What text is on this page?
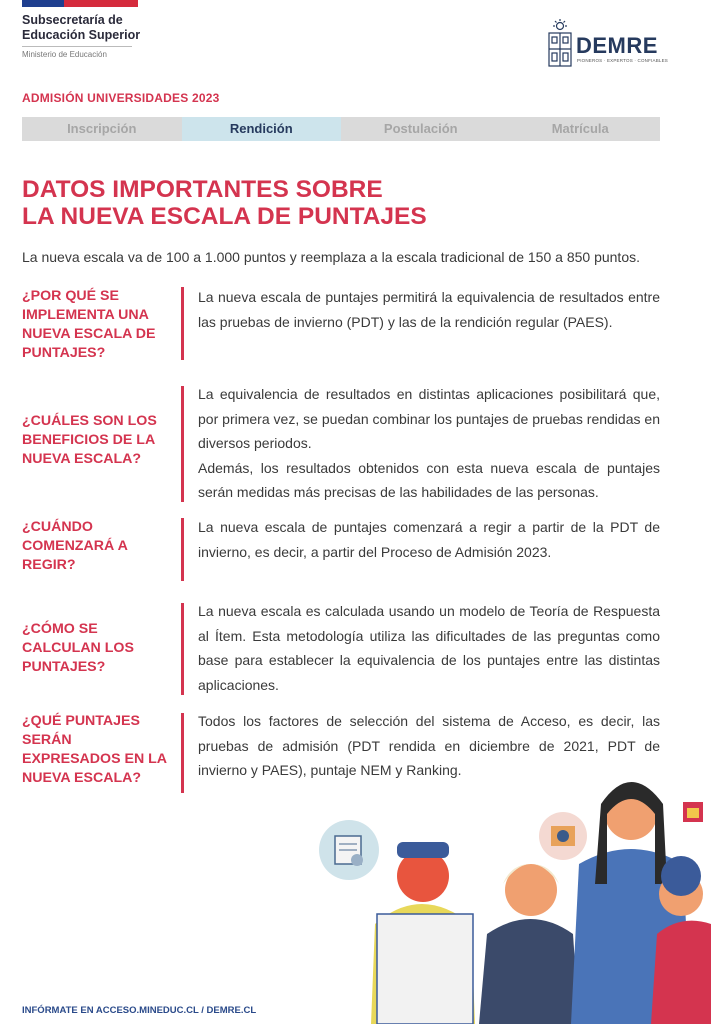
Subsecretaría de
Educación Superior
Ministerio de Educación	DEMRE
PIONEROS · EXPERTOS · CONFIABLES
ADMISIÓN UNIVERSIDADES 2023
Inscripción	Rendición	Postulación	Matrícula
DATOS IMPORTANTES SOBRE
LA NUEVA ESCALA DE PUNTAJES
La nueva escala va de 100 a 1.000 puntos y reemplaza a la escala tradicional de 150 a 850 puntos.
¿POR QUÉ SE IMPLEMENTA UNA NUEVA ESCALA DE PUNTAJES?
La nueva escala de puntajes permitirá la equivalencia de resultados entre las pruebas de invierno (PDT) y las de la rendición regular (PAES).
¿CUÁLES SON LOS BENEFICIOS DE LA NUEVA ESCALA?
La equivalencia de resultados en distintas aplicaciones posibilitará que, por primera vez, se puedan combinar los puntajes de pruebas rendidas en diversos periodos.
Además, los resultados obtenidos con esta nueva escala de puntajes serán medidas más precisas de las habilidades de las personas.
¿CUÁNDO COMENZARÁ A REGIR?
La nueva escala de puntajes comenzará a regir a partir de la PDT de invierno, es decir, a partir del Proceso de Admisión 2023.
¿CÓMO SE CALCULAN LOS PUNTAJES?
La nueva escala es calculada usando un modelo de Teoría de Respuesta al Ítem. Esta metodología utiliza las dificultades de las preguntas como base para establecer la equivalencia de los puntajes entre las distintas aplicaciones.
¿QUÉ PUNTAJES SERÁN EXPRESADOS EN LA NUEVA ESCALA?
Todos los factores de selección del sistema de Acceso, es decir, las pruebas de admisión (PDT rendida en diciembre de 2021, PDT de invierno y PAES), puntaje NEM y Ranking.
INFÓRMATE EN ACCESO.MINEDUC.CL / DEMRE.CL
